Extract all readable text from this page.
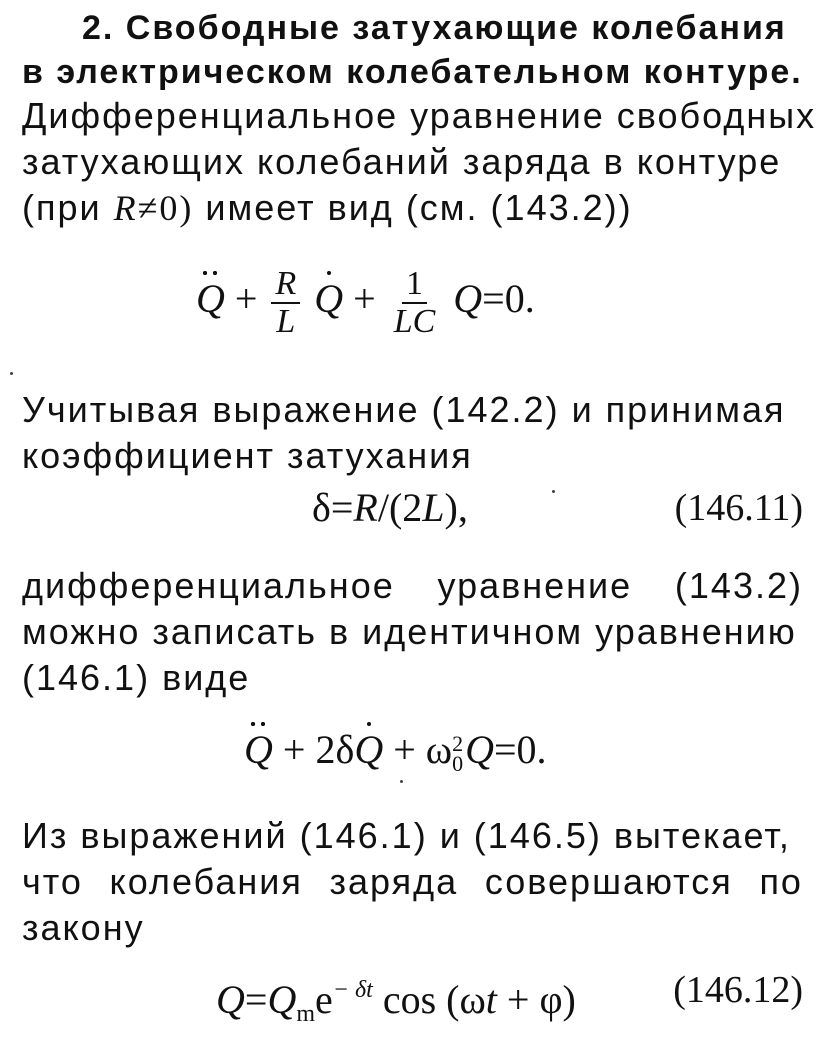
2. Свободные затухающие колебания
в электрическом колебательном контуре.
Дифференциальное уравнение свободных
затухающих колебаний заряда в контуре
(при R≠0) имеет вид (см. (143.2))
$Q + \frac{R}{L}$ $Q + \frac{1}{LC} Q=0$.
Учитывая выражение (142.2) и принимая
коэффициент затухания
δ=R/(2L),	(146.11)
дифференциальное уравнение (143.2)
можно записать в идентичном уравнению
(146.1) виде
Q + 2δQ + ω 2
0 Q=0.
Из выражений (146.1) и (146.5) вытекает,
что колебания заряда совершаются по
закону
$Q=Q_me^{- \delta t}$ cos (ωt + φ)	(146.12)
